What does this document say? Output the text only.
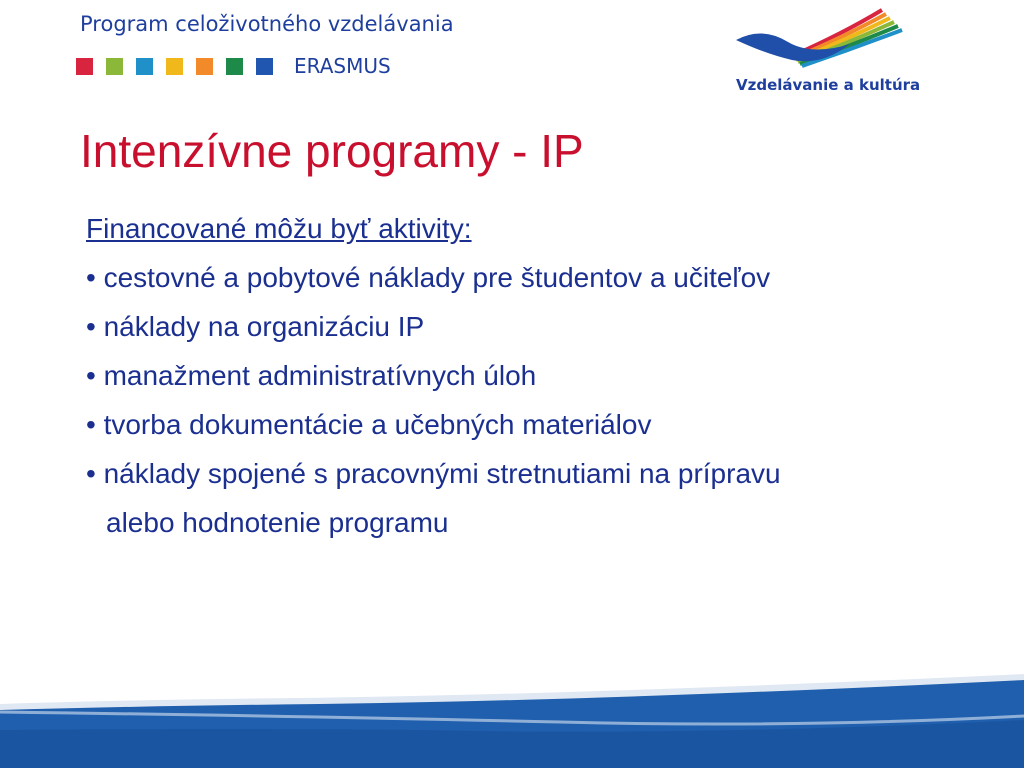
Program celoživotného vzdelávania
ERASMUS
Vzdelávanie a kultúra
Intenzívne programy - IP
Financované môžu byť aktivity:
• cestovné a pobytové náklady pre študentov a učiteľov
• náklady na organizáciu IP
• manažment administratívnych úloh
• tvorba dokumentácie a učebných materiálov
• náklady spojené s pracovnými stretnutiami na prípravu
alebo hodnotenie programu
